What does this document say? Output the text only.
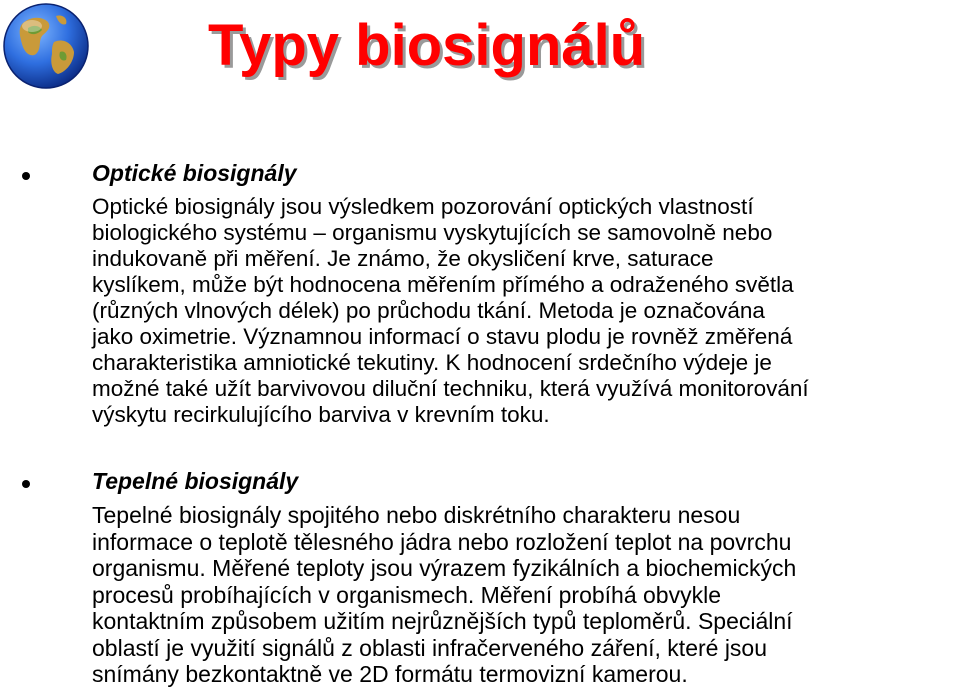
Typy biosignálů
Optické biosignály
Optické biosignály jsou výsledkem pozorování optických vlastností
biologického systému – organismu vyskytujících se samovolně nebo
indukovaně při měření. Je známo, že okysličení krve, saturace
kyslíkem, může být hodnocena měřením přímého a odraženého světla
(různých vlnových délek) po průchodu tkání. Metoda je označována
jako oximetrie. Významnou informací o stavu plodu je rovněž změřená
charakteristika amniotické tekutiny. K hodnocení srdečního výdeje je
možné také užít barvivovou diluční techniku, která využívá monitorování
výskytu recirkulujícího barviva v krevním toku.
Tepelné biosignály
Tepelné biosignály spojitého nebo diskrétního charakteru nesou
informace o teplotě tělesného jádra nebo rozložení teplot na povrchu
organismu. Měřené teploty jsou výrazem fyzikálních a biochemických
procesů probíhajících v organismech. Měření probíhá obvykle
kontaktním způsobem užitím nejrůznějších typů teploměrů. Speciální
oblastí je využití signálů z oblasti infračerveného záření, které jsou
snímány bezkontaktně ve 2D formátu termovizní kamerou.
